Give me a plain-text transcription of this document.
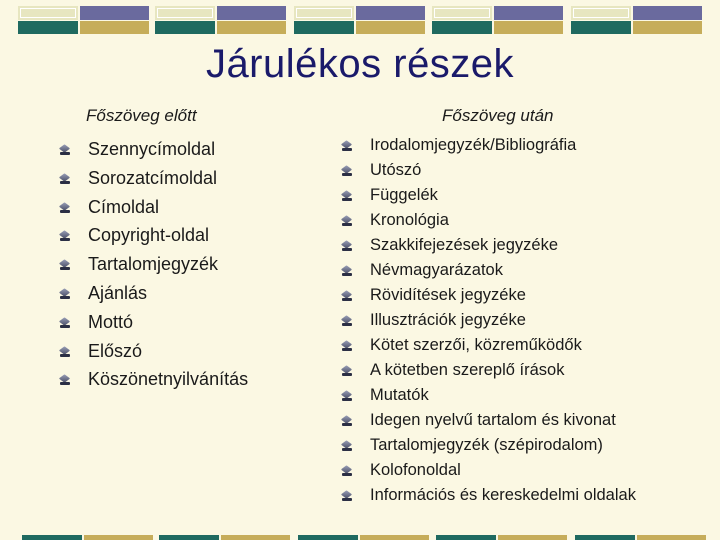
Járulékos részek
Főszöveg előtt	Főszöveg után
Szennycímoldal
Sorozatcímoldal
Címoldal
Copyright-oldal
Tartalomjegyzék
Ajánlás
Mottó
Előszó
Köszönetnyilvánítás
Irodalomjegyzék/Bibliográfia
Utószó
Függelék
Kronológia
Szakkifejezések jegyzéke
Névmagyarázatok
Rövidítések jegyzéke
Illusztrációk jegyzéke
Kötet szerzői, közreműködők
A kötetben szereplő írások
Mutatók
Idegen nyelvű tartalom és kivonat
Tartalomjegyzék (szépirodalom)
Kolofonoldal
Információs és kereskedelmi oldalak
